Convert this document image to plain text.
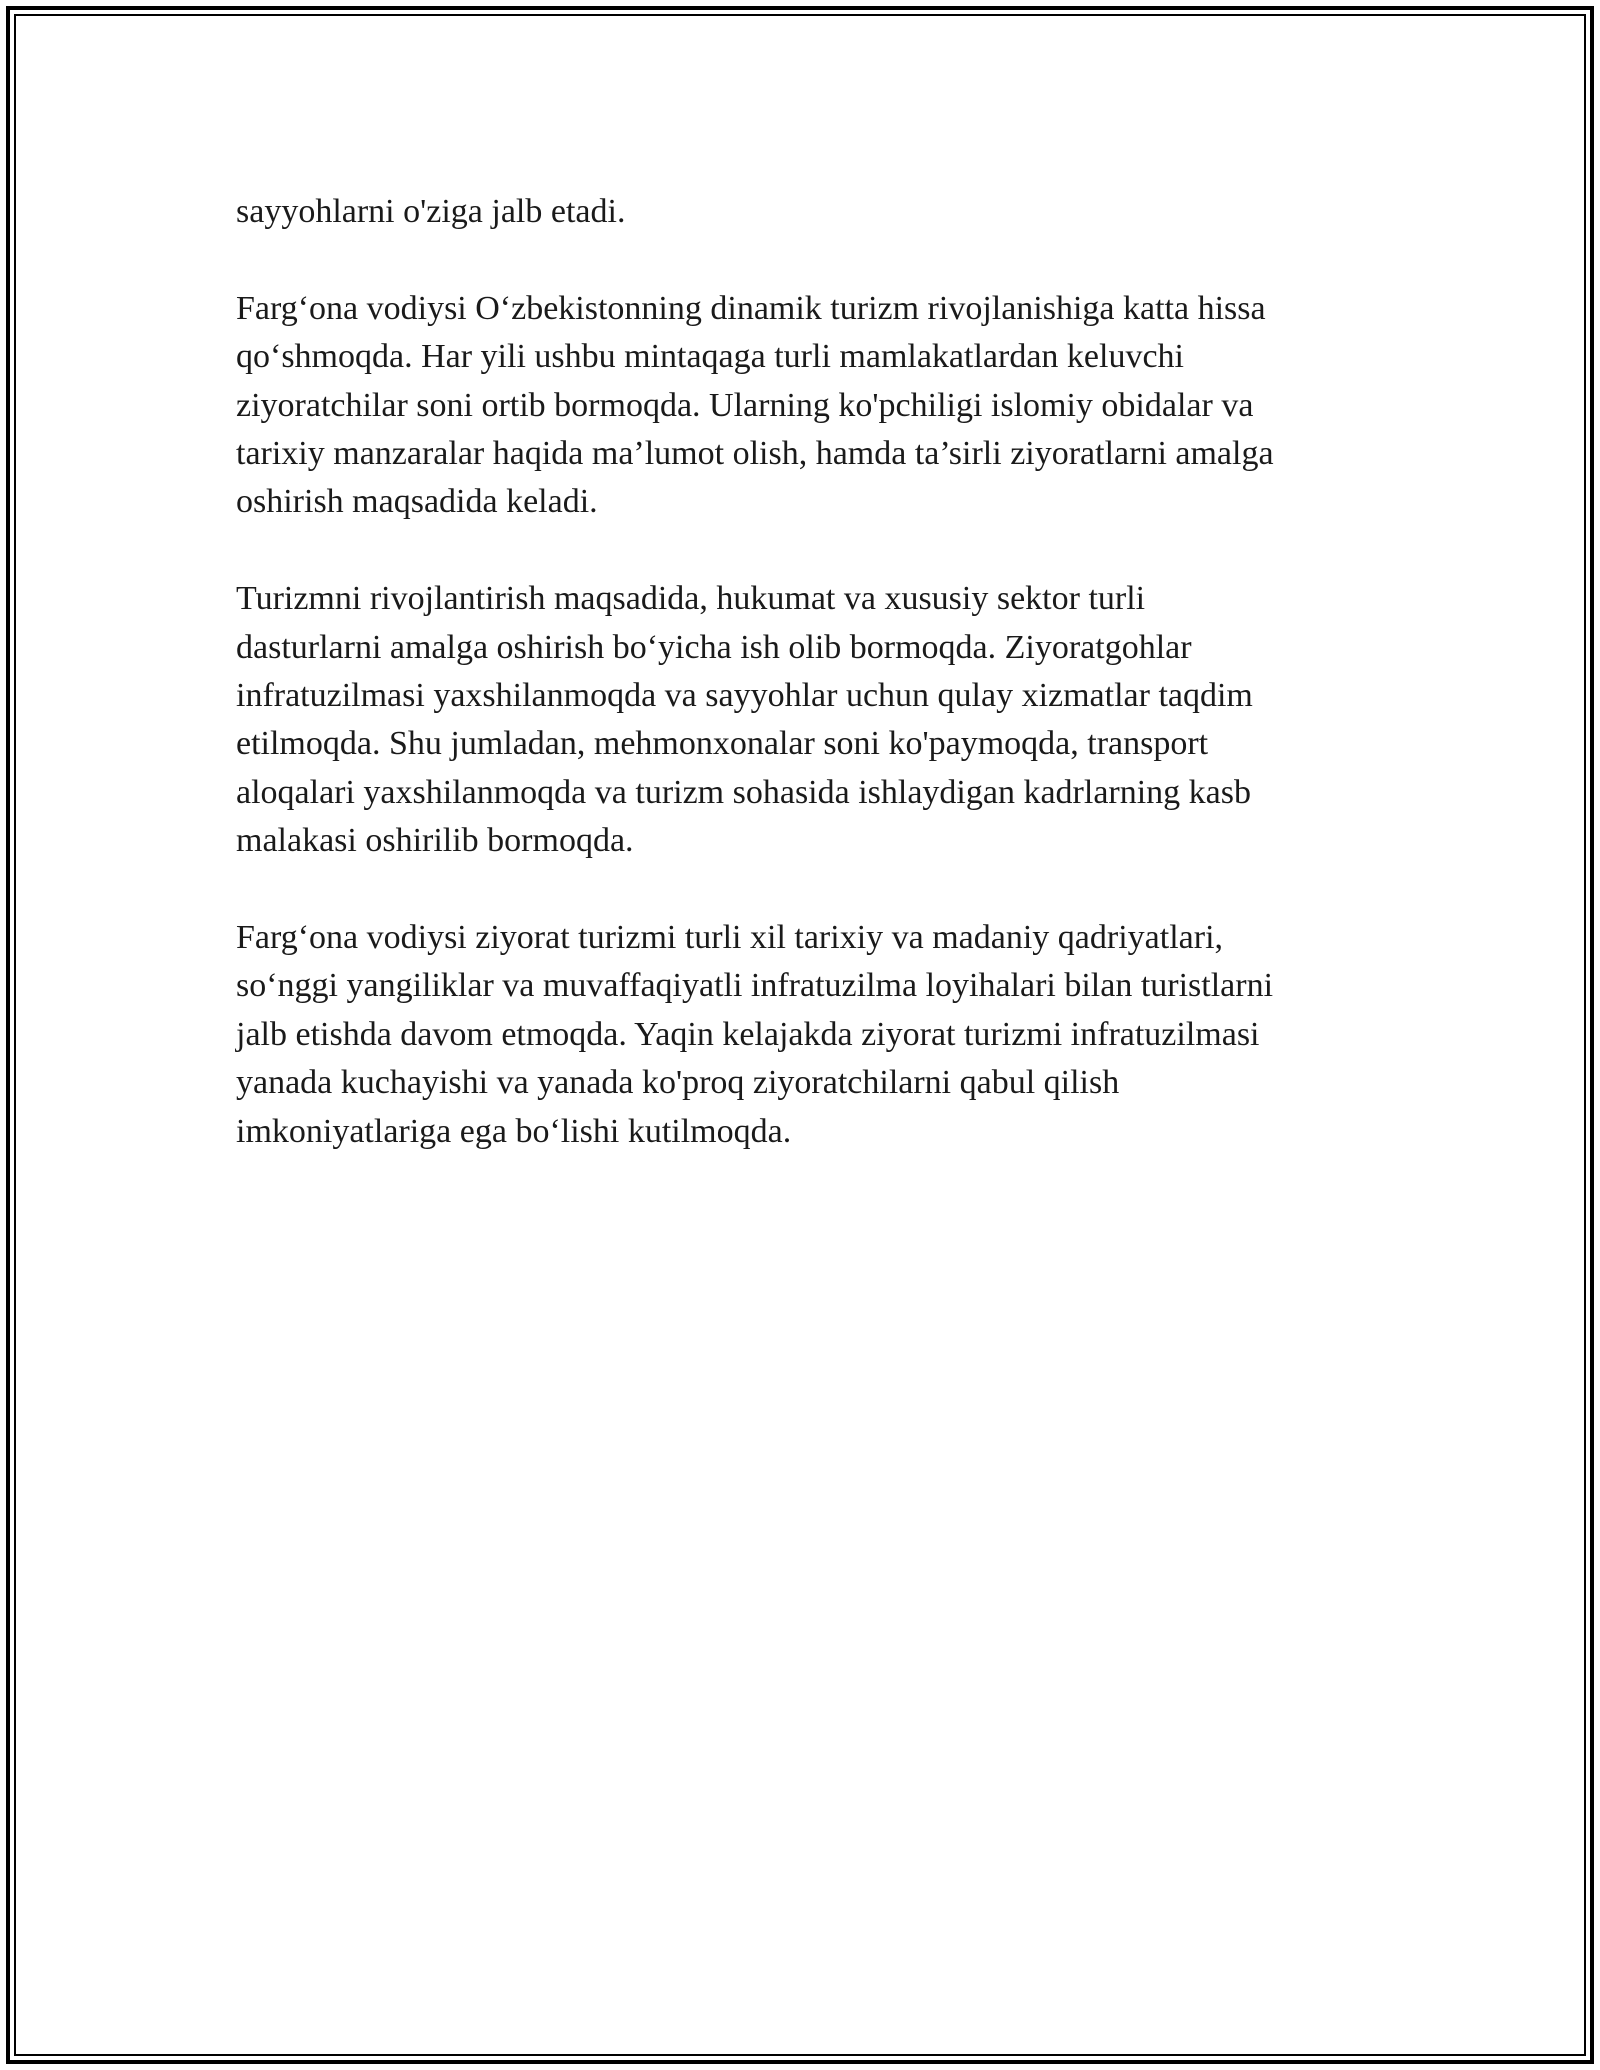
sayyohlarni o'ziga jalb etadi.

Farg‘ona vodiysi O‘zbekistonning dinamik turizm rivojlanishiga katta hissa
qo‘shmoqda. Har yili ushbu mintaqaga turli mamlakatlardan keluvchi
ziyoratchilar soni ortib bormoqda. Ularning ko'pchiligi islomiy obidalar va
tarixiy manzaralar haqida ma’lumot olish, hamda ta’sirli ziyoratlarni amalga
oshirish maqsadida keladi.

Turizmni rivojlantirish maqsadida, hukumat va xususiy sektor turli
dasturlarni amalga oshirish bo‘yicha ish olib bormoqda. Ziyoratgohlar
infratuzilmasi yaxshilanmoqda va sayyohlar uchun qulay xizmatlar taqdim
etilmoqda. Shu jumladan, mehmonxonalar soni ko'paymoqda, transport
aloqalari yaxshilanmoqda va turizm sohasida ishlaydigan kadrlarning kasb
malakasi oshirilib bormoqda.

Farg‘ona vodiysi ziyorat turizmi turli xil tarixiy va madaniy qadriyatlari,
so‘nggi yangiliklar va muvaffaqiyatli infratuzilma loyihalari bilan turistlarni
jalb etishda davom etmoqda. Yaqin kelajakda ziyorat turizmi infratuzilmasi
yanada kuchayishi va yanada ko'proq ziyoratchilarni qabul qilish
imkoniyatlariga ega bo‘lishi kutilmoqda.
